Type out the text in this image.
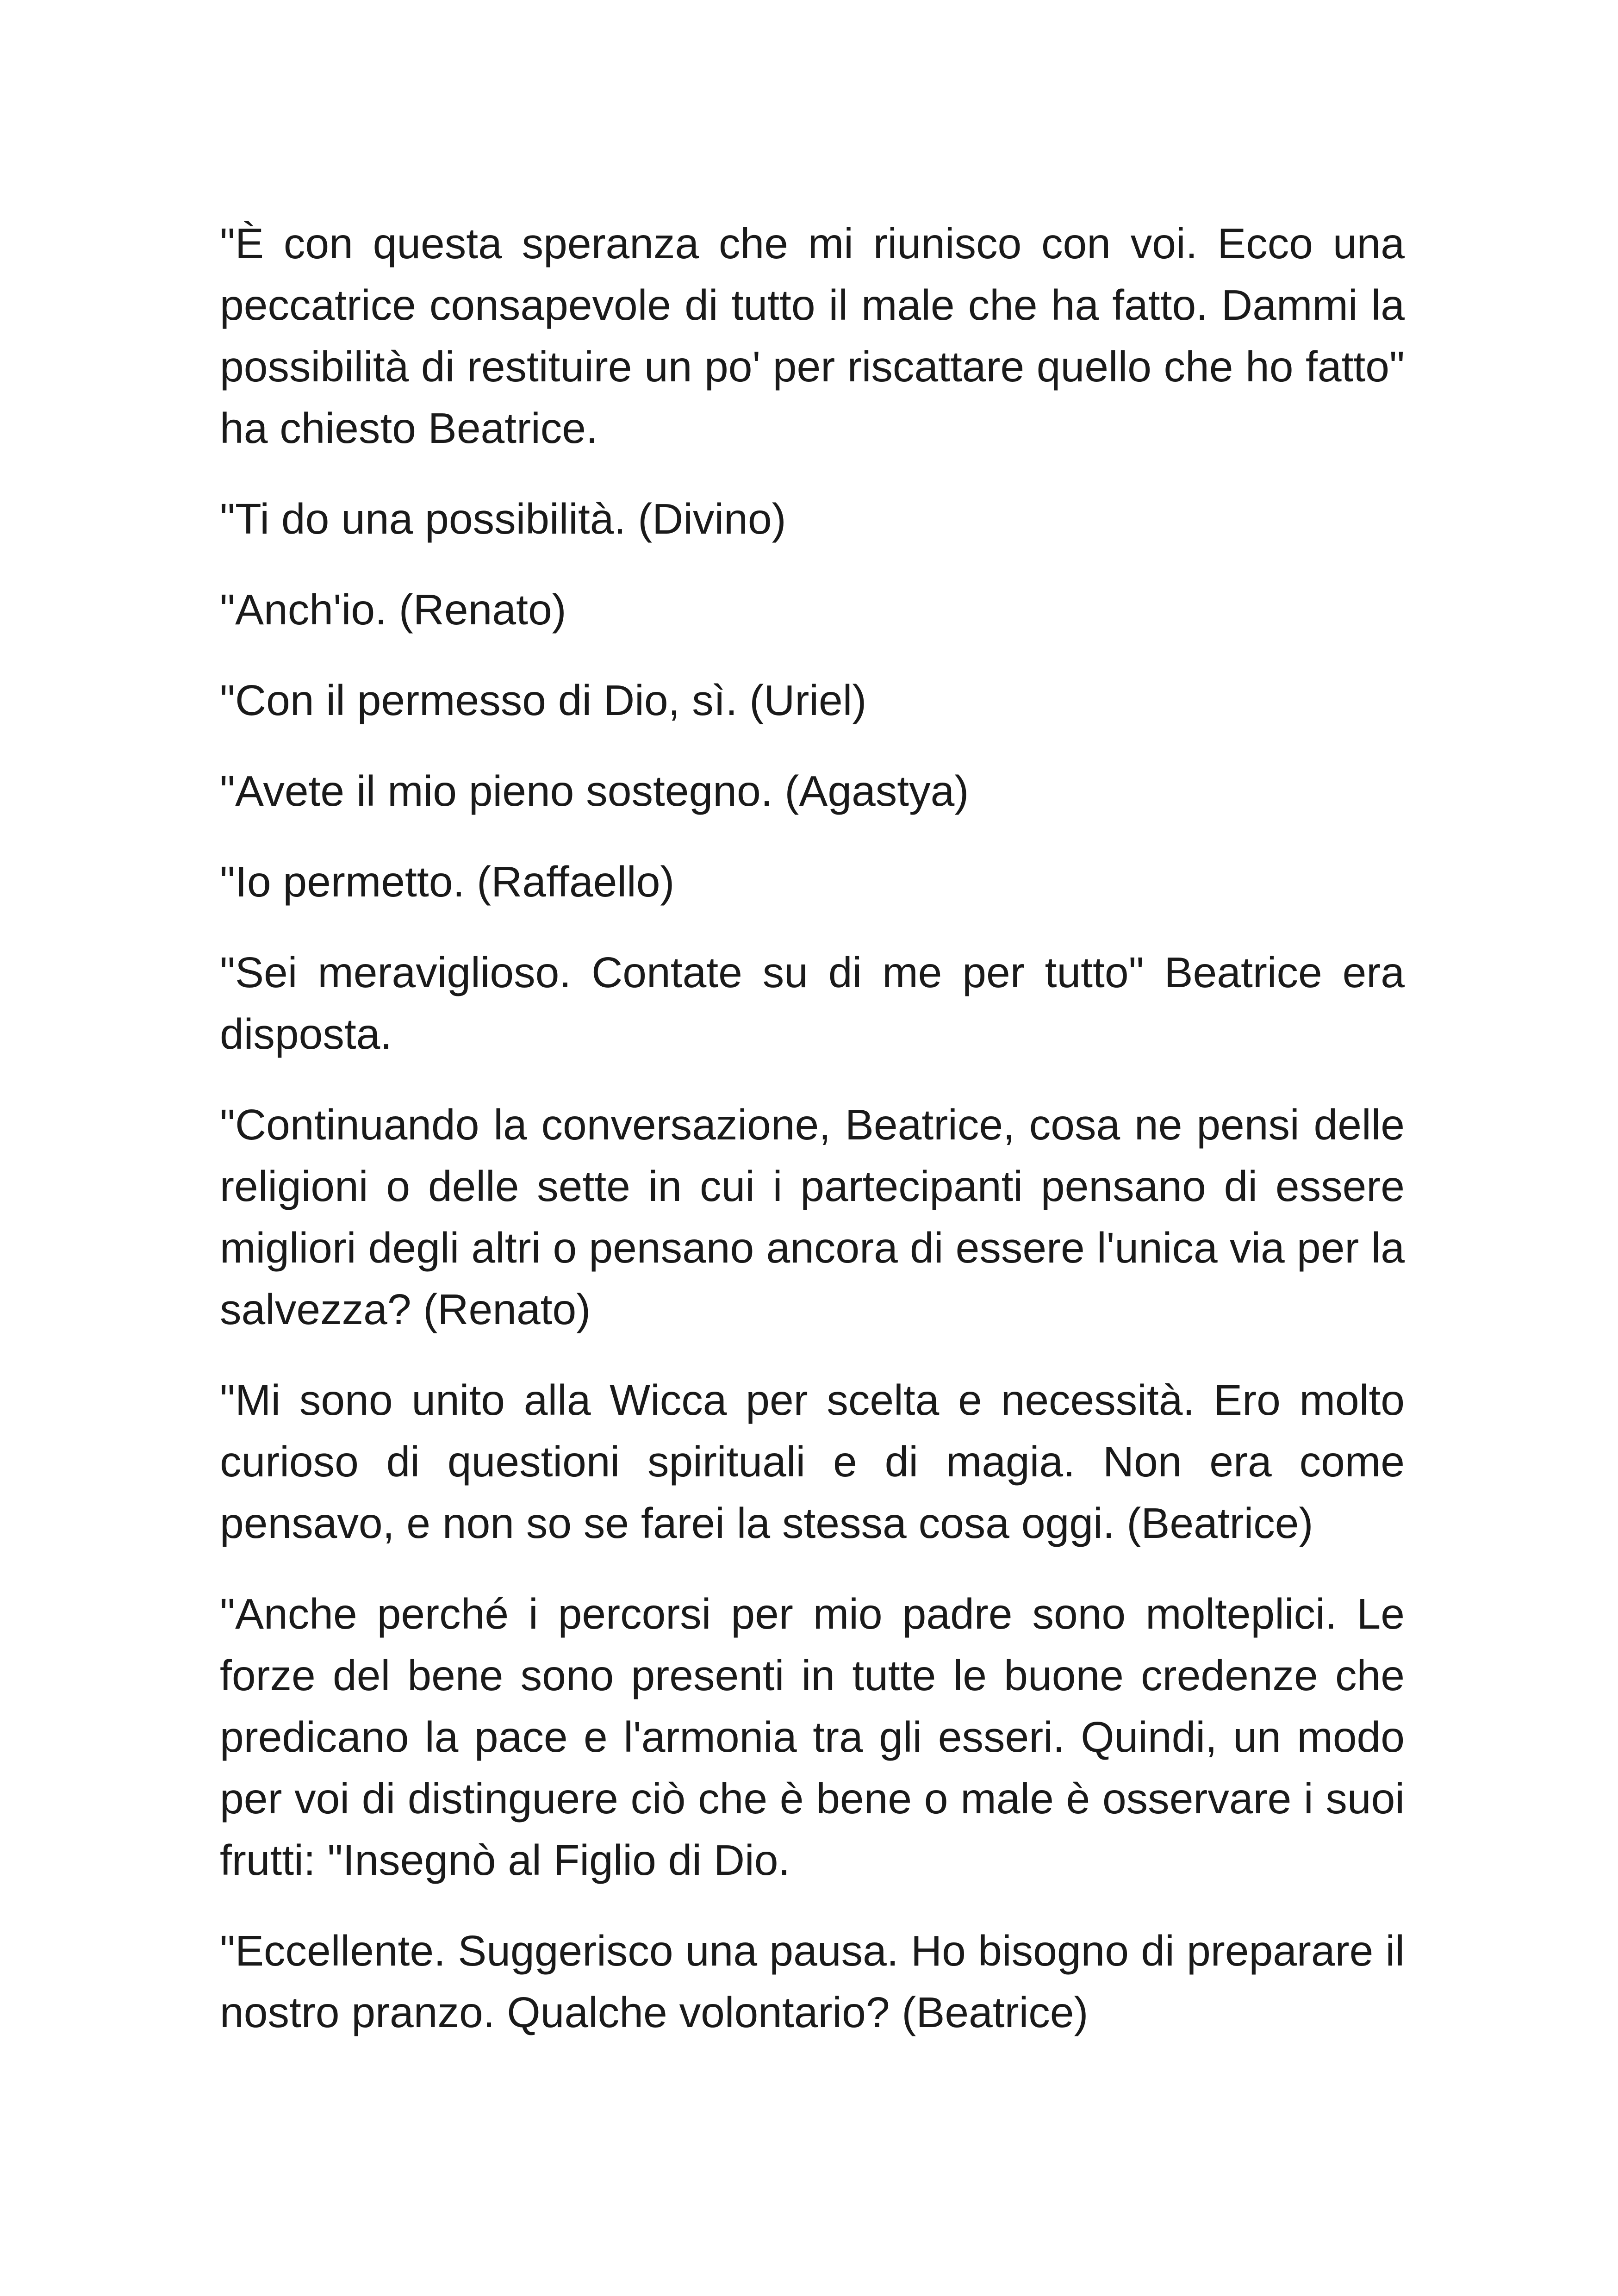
"È con questa speranza che mi riunisco con voi. Ecco una peccatrice consapevole di tutto il male che ha fatto. Dammi la possibilità di restituire un po' per riscattare quello che ho fatto" ha chiesto Beatrice.

"Ti do una possibilità. (Divino)

"Anch'io. (Renato)

"Con il permesso di Dio, sì. (Uriel)

"Avete il mio pieno sostegno. (Agastya)

"Io permetto. (Raffaello)

"Sei meraviglioso. Contate su di me per tutto" Beatrice era disposta.

"Continuando la conversazione, Beatrice, cosa ne pensi delle religioni o delle sette in cui i partecipanti pensano di essere migliori degli altri o pensano ancora di essere l'unica via per la salvezza? (Renato)

"Mi sono unito alla Wicca per scelta e necessità. Ero molto curioso di questioni spirituali e di magia. Non era come pensavo, e non so se farei la stessa cosa oggi. (Beatrice)

"Anche perché i percorsi per mio padre sono molteplici. Le forze del bene sono presenti in tutte le buone credenze che predicano la pace e l'armonia tra gli esseri. Quindi, un modo per voi di distinguere ciò che è bene o male è osservare i suoi frutti: "Insegnò al Figlio di Dio.

"Eccellente. Suggerisco una pausa. Ho bisogno di preparare il nostro pranzo. Qualche volontario? (Beatrice)
